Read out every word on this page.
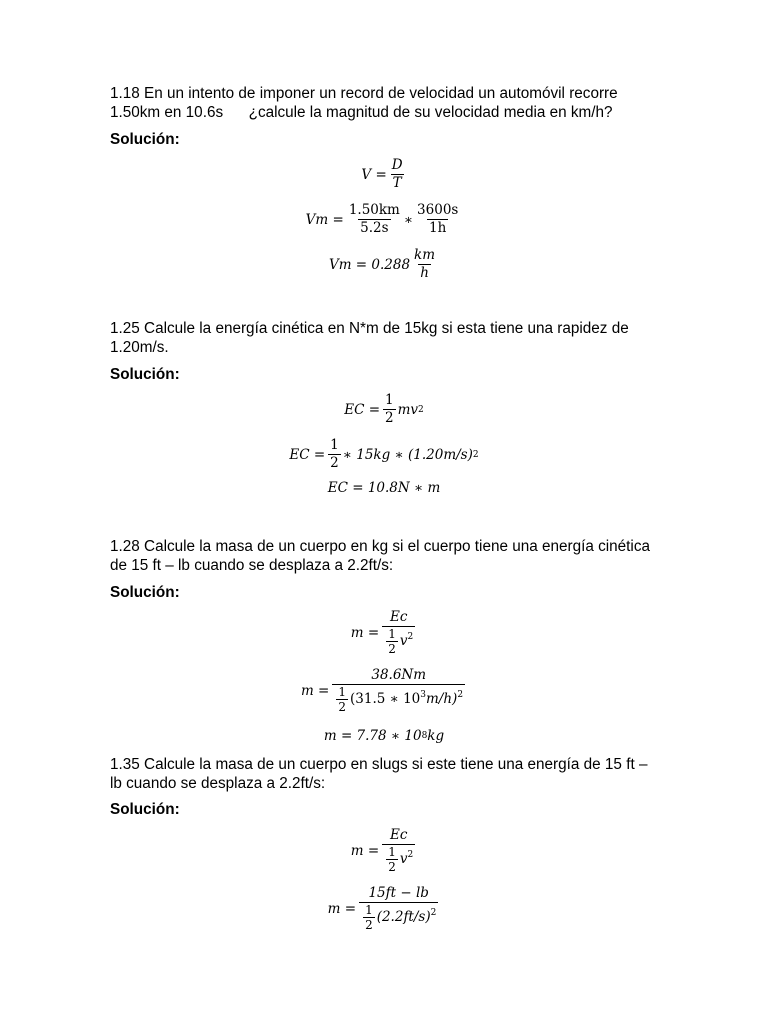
1.18 En un intento de imponer un record de velocidad un automóvil recorre
1.50km en 10.6s      ¿calcule la magnitud de su velocidad media en km/h?

Solución:

$V = \frac{D}{T}$
$Vm = \frac{1.50km}{5.2s}$ ∗ $\frac{3600s}{1h}$
$Vm = 0.288 \frac{km}{h}$

1.25 Calcule la energía cinética en N*m de 15kg si esta tiene una rapidez de
1.20m/s.

Solución:

EC = $\frac{1}{2}$ mv 2
EC = $\frac{1}{2}$ ∗ 15kg ∗ (1.20m/s) 2
EC = 10.8N ∗ m

1.28 Calcule la masa de un cuerpo en kg si el cuerpo tiene una energía cinética
de 15 ft – lb cuando se desplaza a 2.2ft/s:

Solución:

$m = \frac{Ec}{\frac{1}{2} v^2}$
$m = \frac{38.6Nm}{\frac{1}{2} (31.5 ∗ 10^3m/h)^2}$
m = 7.78 ∗ 10 8 kg

1.35 Calcule la masa de un cuerpo en slugs si este tiene una energía de 15 ft –
lb cuando se desplaza a 2.2ft/s:

Solución:

$m = \frac{Ec}{\frac{1}{2} v^2}$
$m = \frac{15ft - lb}{\frac{1}{2} (2.2ft/s)^2}$
